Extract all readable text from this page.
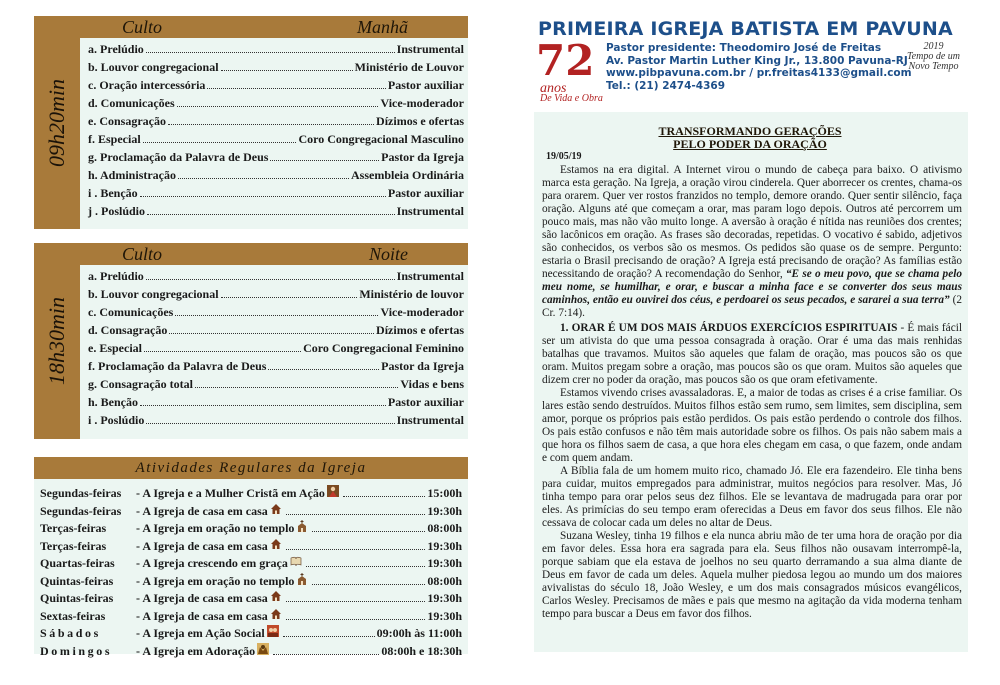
09h20min
Culto	Manhã
a. Prelúdio	Instrumental
b. Louvor congregacional	Ministério de Louvor
c. Oração intercessória	Pastor auxiliar
d. Comunicações	Vice-moderador
e. Consagração	Dízimos e ofertas
f. Especial	Coro Congregacional Masculino
g. Proclamação da Palavra de Deus	Pastor da Igreja
h. Administração	Assembleia Ordinária
i . Benção	Pastor auxiliar
j . Poslúdio	Instrumental
18h30min
Culto	Noite
a. Prelúdio	Instrumental
b. Louvor congregacional	Ministério de louvor
c. Comunicações	Vice-moderador
d. Consagração	Dízimos e ofertas
e. Especial	Coro Congregacional Feminino
f. Proclamação da Palavra de Deus	Pastor da Igreja
g. Consagração total	Vidas e bens
h. Benção	Pastor auxiliar
i . Poslúdio	Instrumental
Atividades Regulares da Igreja
Segundas-feiras	- A Igreja e a Mulher Cristã em Ação	15:00h
Segundas-feiras	- A Igreja de casa em casa	19:30h
Terças-feiras	- A Igreja em oração no templo	08:00h
Terças-feiras	- A Igreja de casa em casa	19:30h
Quartas-feiras	- A Igreja crescendo em graça	19:30h
Quintas-feiras	- A Igreja em oração no templo	08:00h
Quintas-feiras	- A Igreja de casa em casa	19:30h
Sextas-feiras	- A Igreja de casa em casa	19:30h
Sábados	- A Igreja em Ação Social	09:00h às 11:00h
Domingos	- A Igreja em Adoração	08:00h e 18:30h
PRIMEIRA IGREJA BATISTA EM PAVUNA
72
anos
De Vida e Obra
Pastor presidente: Theodomiro José de Freitas
Av. Pastor Martin Luther King Jr., 13.800 Pavuna-RJ
www.pibpavuna.com.br / pr.freitas4133@gmail.com
Tel.: (21) 2474-4369
2019
Tempo de um
Novo Tempo
TRANSFORMANDO GERAÇÕES
PELO PODER DA ORAÇÃO
19/05/19

Estamos na era digital. A Internet virou o mundo de cabeça para baixo. O ativismo marca esta geração. Na Igreja, a oração virou cinderela. Quer aborrecer os crentes, chama-os para orarem. Quer ver rostos franzidos no templo, demore orando. Quer sentir silêncio, faça oração. Alguns até que começam a orar, mas param logo depois. Outros até percorrem um pouco mais, mas não vão muito longe. A aversão à oração é nítida nas reuniões dos crentes; são lacônicos em oração. As frases são decoradas, repetidas. O vocativo é sabido, adjetivos são conhecidos, os verbos são os mesmos. Os pedidos são quase os de sempre. Pergunto: estaria o Brasil precisando de oração? A Igreja está precisando de oração? As famílias estão necessitando de oração? A recomendação do Senhor, “E se o meu povo, que se chama pelo meu nome, se humilhar, e orar, e buscar a minha face e se converter dos seus maus caminhos, então eu ouvirei dos céus, e perdoarei os seus pecados, e sararei a sua terra” (2 Cr. 7:14).

1. ORAR É UM DOS MAIS ÁRDUOS EXERCÍCIOS ESPIRITUAIS - É mais fácil ser um ativista do que uma pessoa consagrada à oração. Orar é uma das mais renhidas batalhas que travamos. Muitos são aqueles que falam de oração, mas poucos são os que oram. Muitos pregam sobre a oração, mas poucos são os que oram. Muitos são aqueles que dizem crer no poder da oração, mas poucos são os que oram efetivamente.

Estamos vivendo crises avassaladoras. E, a maior de todas as crises é a crise familiar. Os lares estão sendo destruídos. Muitos filhos estão sem rumo, sem limites, sem disciplina, sem amor, porque os próprios pais estão perdidos. Os pais estão perdendo o controle dos filhos. Os pais estão confusos e não têm mais autoridade sobre os filhos. Os pais não sabem mais a que hora os filhos saem de casa, a que hora eles chegam em casa, o que fazem, onde andam e com quem andam.

A Bíblia fala de um homem muito rico, chamado Jó. Ele era fazendeiro. Ele tinha bens para cuidar, muitos empregados para administrar, muitos negócios para resolver. Mas, Jó tinha tempo para orar pelos seus dez filhos. Ele se levantava de madrugada para orar por eles. As primícias do seu tempo eram oferecidas a Deus em favor dos seus filhos. Ele não cessava de colocar cada um deles no altar de Deus.

Suzana Wesley, tinha 19 filhos e ela nunca abriu mão de ter uma hora de oração por dia em favor deles. Essa hora era sagrada para ela. Seus filhos não ousavam interrompê-la, porque sabiam que ela estava de joelhos no seu quarto derramando a sua alma diante de Deus em favor de cada um deles. Aquela mulher piedosa legou ao mundo um dos maiores avivalistas do século 18, João Wesley, e um dos mais consagrados músicos evangélicos, Carlos Wesley. Precisamos de mães e pais que mesmo na agitação da vida moderna tenham tempo para buscar a Deus em favor dos filhos.
